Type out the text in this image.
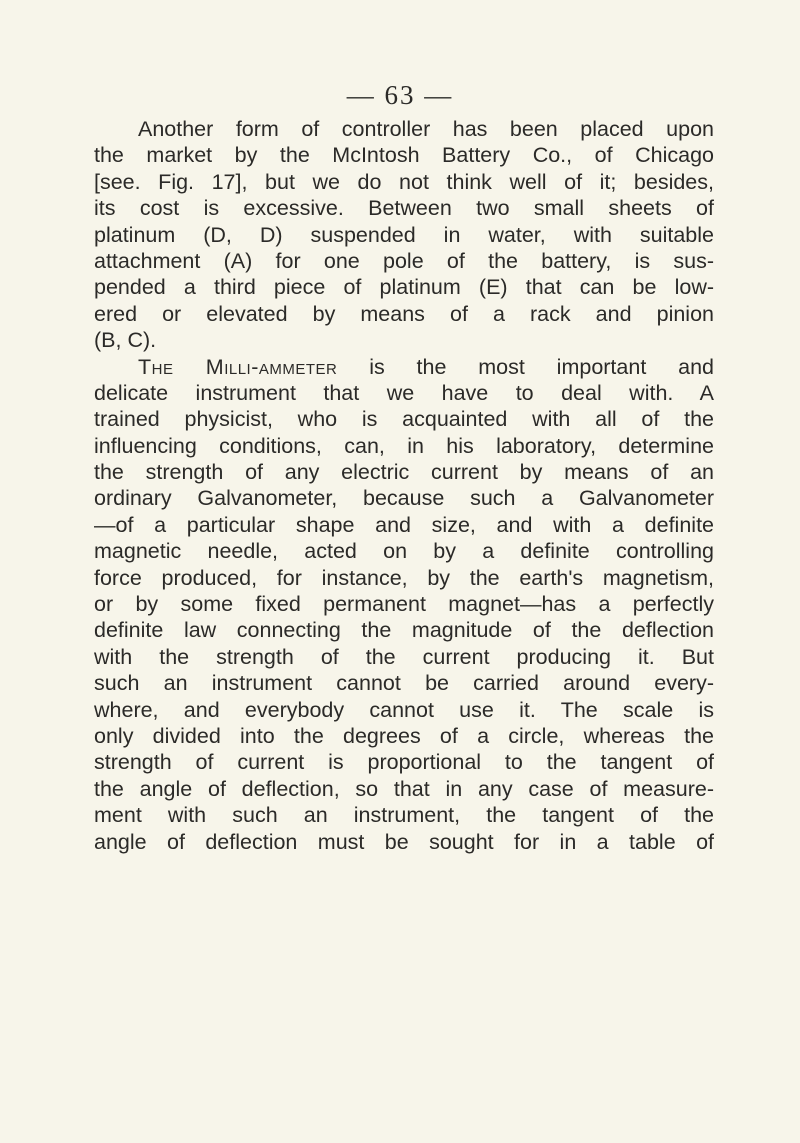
— 63 —
Another form of controller has been placed upon
the market by the McIntosh Battery Co., of Chicago
[see. Fig. 17], but we do not think well of it; besides,
its cost is excessive. Between two small sheets of
platinum (D, D) suspended in water, with suitable
attachment (A) for one pole of the battery, is sus-
pended a third piece of platinum (E) that can be low-
ered or elevated by means of a rack and pinion
(B, C).
The Milli-ammeter is the most important and
delicate instrument that we have to deal with. A
trained physicist, who is acquainted with all of the
influencing conditions, can, in his laboratory, determine
the strength of any electric current by means of an
ordinary Galvanometer, because such a Galvanometer
—of a particular shape and size, and with a definite
magnetic needle, acted on by a definite controlling
force produced, for instance, by the earth's magnetism,
or by some fixed permanent magnet—has a perfectly
definite law connecting the magnitude of the deflection
with the strength of the current producing it. But
such an instrument cannot be carried around every-
where, and everybody cannot use it. The scale is
only divided into the degrees of a circle, whereas the
strength of current is proportional to the tangent of
the angle of deflection, so that in any case of measure-
ment with such an instrument, the tangent of the
angle of deflection must be sought for in a table of
